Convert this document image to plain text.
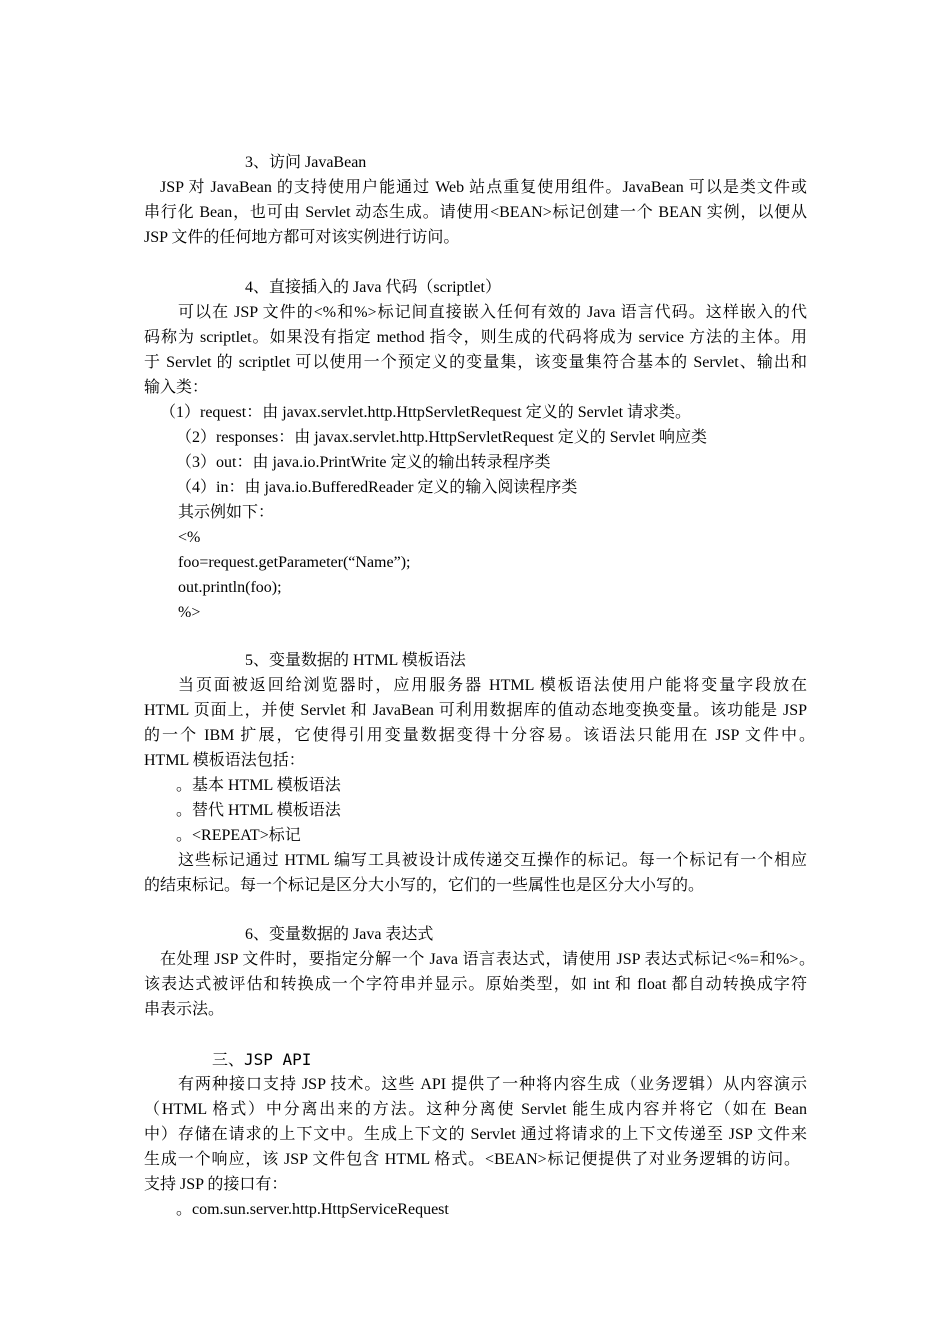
3、访问 JavaBean
JSP 对 JavaBean 的支持使用户能通过 Web 站点重复使用组件。JavaBean 可以是类文件或
串行化 Bean，也可由 Servlet 动态生成。请使用<BEAN>标记创建一个 BEAN 实例，以便从
JSP 文件的任何地方都可对该实例进行访问。
4、直接插入的 Java 代码（scriptlet）
可以在 JSP 文件的<%和%>标记间直接嵌入任何有效的 Java 语言代码。这样嵌入的代
码称为 scriptlet。如果没有指定 method 指令，则生成的代码将成为 service 方法的主体。用
于 Servlet 的 scriptlet 可以使用一个预定义的变量集，该变量集符合基本的 Servlet、输出和
输入类：
（1）request：由 javax.servlet.http.HttpServletRequest 定义的 Servlet 请求类。
（2）responses：由 javax.servlet.http.HttpServletRequest 定义的 Servlet 响应类
（3）out：由 java.io.PrintWrite 定义的输出转录程序类
（4）in：由 java.io.BufferedReader 定义的输入阅读程序类
其示例如下：
<%
foo=request.getParameter(“Name”);
out.println(foo);
%>
5、变量数据的 HTML 模板语法
当页面被返回给浏览器时，应用服务器 HTML 模板语法使用户能将变量字段放在
HTML 页面上，并使 Servlet 和 JavaBean 可利用数据库的值动态地变换变量。该功能是 JSP
的一个 IBM 扩展，它使得引用变量数据变得十分容易。该语法只能用在 JSP 文件中。
HTML 模板语法包括：
。基本 HTML 模板语法
。替代 HTML 模板语法
。<REPEAT>标记
这些标记通过 HTML 编写工具被设计成传递交互操作的标记。每一个标记有一个相应
的结束标记。每一个标记是区分大小写的，它们的一些属性也是区分大小写的。
6、变量数据的 Java 表达式
在处理 JSP 文件时，要指定分解一个 Java 语言表达式，请使用 JSP 表达式标记<%=和%>。
该表达式被评估和转换成一个字符串并显示。原始类型，如 int 和 float 都自动转换成字符
串表示法。
三、JSP API
有两种接口支持 JSP 技术。这些 API 提供了一种将内容生成（业务逻辑）从内容演示
（HTML 格式）中分离出来的方法。这种分离使 Servlet 能生成内容并将它（如在 Bean
中）存储在请求的上下文中。生成上下文的 Servlet 通过将请求的上下文传递至 JSP 文件来
生成一个响应，该 JSP 文件包含 HTML 格式。<BEAN>标记便提供了对业务逻辑的访问。
支持 JSP 的接口有：
。com.sun.server.http.HttpServiceRequest
